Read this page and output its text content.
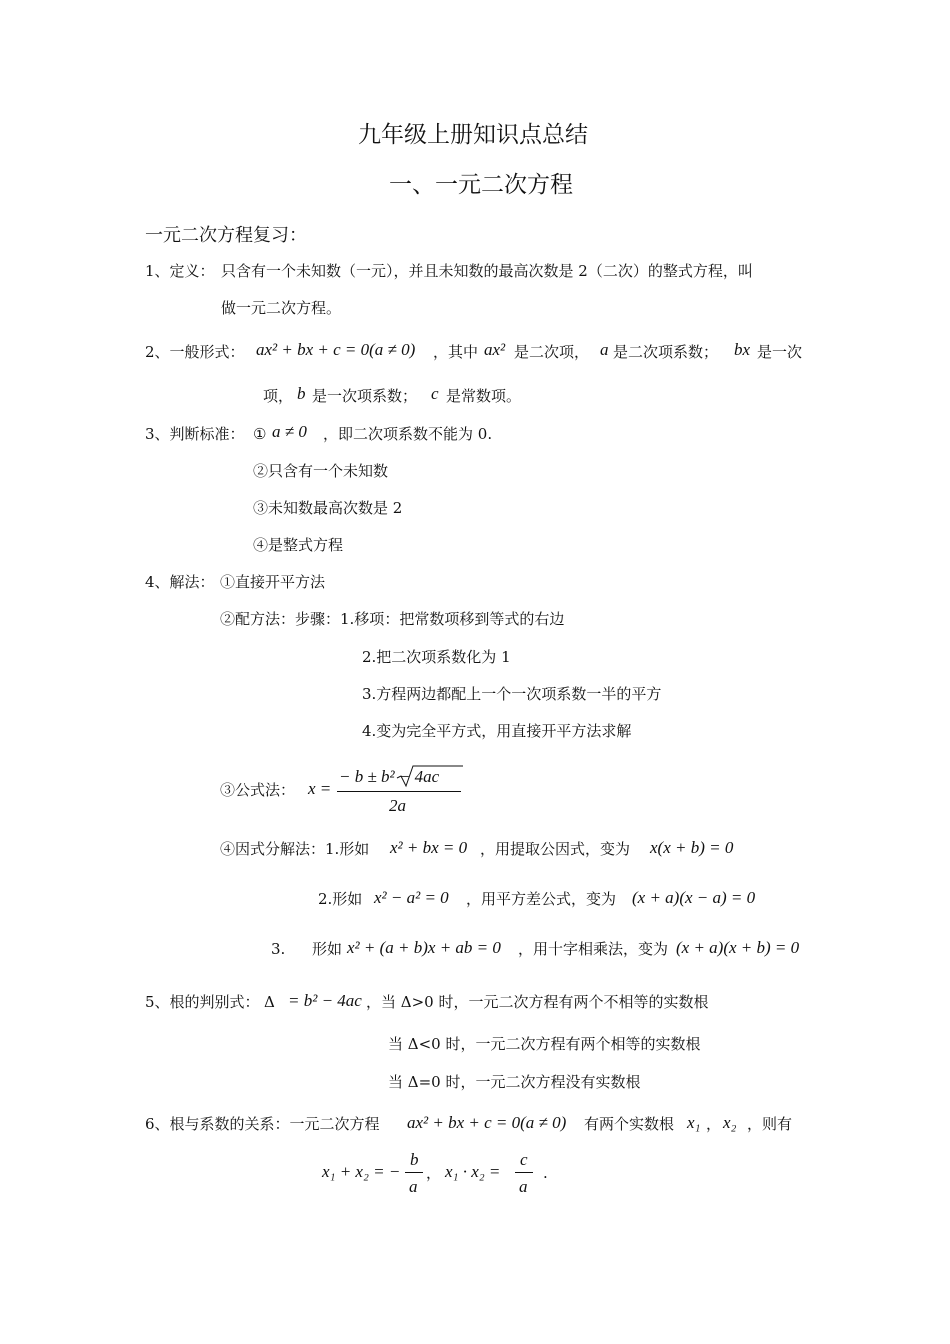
九年级上册知识点总结
一、一元二次方程
一元二次方程复习：
1、定义： 只含有一个未知数（一元），并且未知数的最高次数是 2（二次）的整式方程，叫
做一元二次方程。
2、一般形式： ax² + bx + c = 0(a ≠ 0) ，其中 ax² 是二次项， a 是二次项系数； bx 是一次
项， b 是一次项系数； c 是常数项。
3、判断标准： ① a ≠ 0 ，即二次项系数不能为 0.
②只含有一个未知数
③未知数最高次数是 2
④是整式方程
4、解法： ①直接开平方法
②配方法：步骤：1.移项：把常数项移到等式的右边
2.把二次项系数化为 1
3.方程两边都配上一个一次项系数一半的平方
4.变为完全平方式，用直接开平方法求解
③公式法： x =
− b ± b² − 4ac
2a
④因式分解法：1.形如 x² + bx = 0 ，用提取公因式，变为 x(x + b) = 0
2.形如 x² − a² = 0 ，用平方差公式，变为 (x + a)(x − a) = 0
3. 形如 x² + (a + b)x + ab = 0 ，用十字相乘法，变为 (x + a)(x + b) = 0
5、根的判别式： Δ = b² − 4ac ，当 Δ>0 时，一元二次方程有两个不相等的实数根
当 Δ<0 时，一元二次方程有两个相等的实数根
当 Δ=0 时，一元二次方程没有实数根
6、根与系数的关系：一元二次方程 ax² + bx + c = 0(a ≠ 0) 有两个实数根 x₁ ， x₂ ，则有
x₁ + x₂ = −
b
a
， x₁ · x₂ =
c
a
.
